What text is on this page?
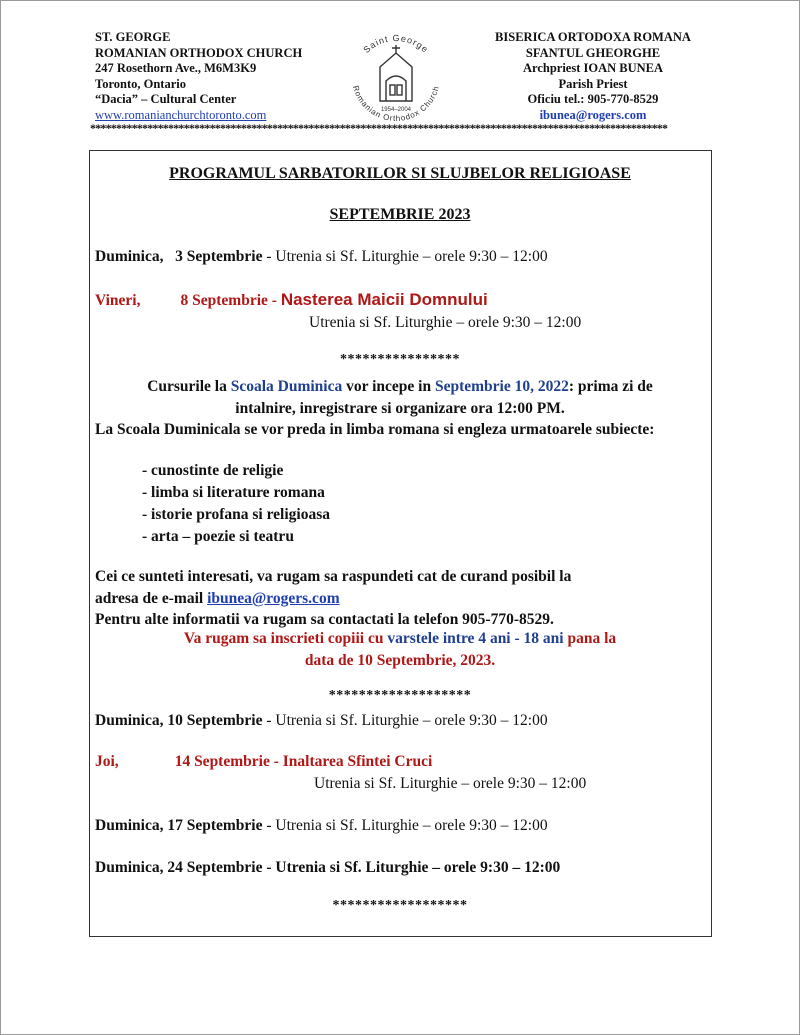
ST. GEORGE
ROMANIAN ORTHODOX CHURCH
247 Rosethorn Ave., M6M3K9
Toronto, Ontario
“Dacia” – Cultural Center
www.romanianchurchtoronto.com
Saint George
Romanian Orthodox Church
1954–2004
BISERICA ORTODOXA ROMANA
SFANTUL GHEORGHE
Archpriest IOAN BUNEA
Parish Priest
Oficiu tel.: 905-770-8529
ibunea@rogers.com
***************************************************************************************************************
PROGRAMUL SARBATORILOR SI SLUJBELOR RELIGIOASE
SEPTEMBRIE 2023
Duminica, 3 Septembrie - Utrenia si Sf. Liturghie – orele 9:30 – 12:00
Vineri,	8 Septembrie - Nasterea Maicii Domnului
Utrenia si Sf. Liturghie – orele 9:30 – 12:00
****************
Cursurile la Scoala Duminica vor incepe in Septembrie 10, 2022: prima zi de
intalnire, inregistrare si organizare ora 12:00 PM.
La Scoala Duminicala se vor preda in limba romana si engleza urmatoarele subiecte:
- cunostinte de religie
- limba si literature romana
- istorie profana si religioasa
- arta – poezie si teatru
Cei ce sunteti interesati, va rugam sa raspundeti cat de curand posibil la
adresa de e-mail ibunea@rogers.com
Pentru alte informatii va rugam sa contactati la telefon 905-770-8529.
Va rugam sa inscrieti copiii cu varstele intre 4 ani - 18 ani pana la
data de 10 Septembrie, 2023.
*******************
Duminica, 10 Septembrie - Utrenia si Sf. Liturghie – orele 9:30 – 12:00
Joi,	14 Septembrie - Inaltarea Sfintei Cruci
Utrenia si Sf. Liturghie – orele 9:30 – 12:00
Duminica, 17 Septembrie - Utrenia si Sf. Liturghie – orele 9:30 – 12:00
Duminica, 24 Septembrie - Utrenia si Sf. Liturghie – orele 9:30 – 12:00
******************
